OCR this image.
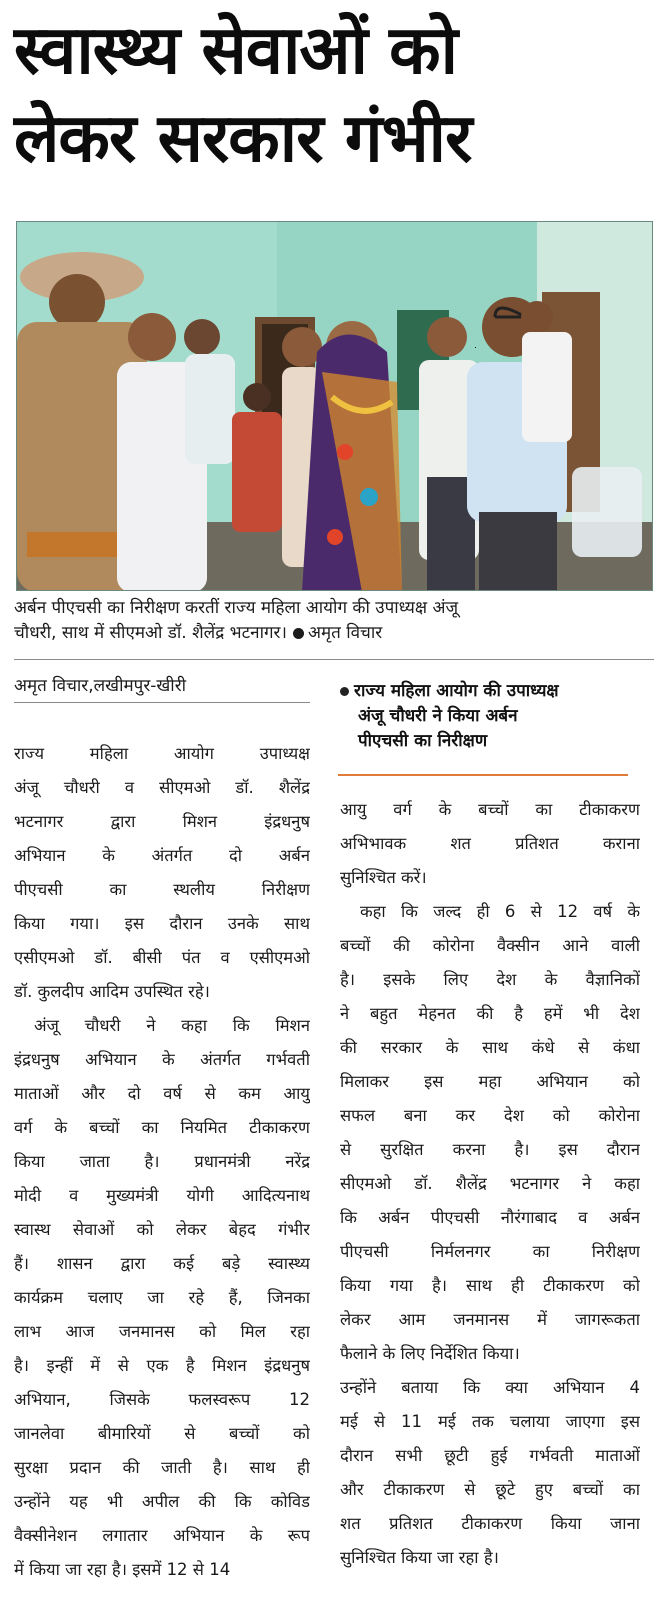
स्वास्थ्य सेवाओं को
लेकर सरकार गंभीर
अर्बन पीएचसी का निरीक्षण करतीं राज्य महिला आयोग की उपाध्यक्ष अंजू
चौधरी, साथ में सीएमओ डॉ. शैलेंद्र भटनागर। अमृत विचार
अमृत विचार,लखीमपुर-खीरी	राज्य महिला आयोग की उपाध्यक्ष
अंजू चौधरी ने किया अर्बन
पीएचसी का निरीक्षण

राज्य महिला आयोग उपाध्यक्ष

अंजू चौधरी व सीएमओ डॉ. शैलेंद्र

भटनागर द्वारा मिशन इंद्रधनुष

अभियान के अंतर्गत दो अर्बन

पीएचसी का स्थलीय निरीक्षण

किया गया। इस दौरान उनके साथ

एसीएमओ डॉ. बीसी पंत व एसीएमओ

डॉ. कुलदीप आदिम उपस्थित रहे।

अंजू चौधरी ने कहा कि मिशन

इंद्रधनुष अभियान के अंतर्गत गर्भवती

माताओं और दो वर्ष से कम आयु

वर्ग के बच्चों का नियमित टीकाकरण

किया जाता है। प्रधानमंत्री नरेंद्र

मोदी व मुख्यमंत्री योगी आदित्यनाथ

स्वास्थ सेवाओं को लेकर बेहद गंभीर

हैं। शासन द्वारा कई बड़े स्वास्थ्य

कार्यक्रम चलाए जा रहे हैं, जिनका

लाभ आज जनमानस को मिल रहा

है। इन्हीं में से एक है मिशन इंद्रधनुष

अभियान, जिसके फलस्वरूप 12

जानलेवा बीमारियों से बच्चों को

सुरक्षा प्रदान की जाती है। साथ ही

उन्होंने यह भी अपील की कि कोविड

वैक्सीनेशन लगातार अभियान के रूप

में किया जा रहा है। इसमें 12 से 14

आयु वर्ग के बच्चों का टीकाकरण

अभिभावक शत प्रतिशत कराना

सुनिश्चित करें।

कहा कि जल्द ही 6 से 12 वर्ष के

बच्चों की कोरोना वैक्सीन आने वाली

है। इसके लिए देश के वैज्ञानिकों

ने बहुत मेहनत की है हमें भी देश

की सरकार के साथ कंधे से कंधा

मिलाकर इस महा अभियान को

सफल बना कर देश को कोरोना

से सुरक्षित करना है। इस दौरान

सीएमओ डॉ. शैलेंद्र भटनागर ने कहा

कि अर्बन पीएचसी नौरंगाबाद व अर्बन

पीएचसी निर्मलनगर का निरीक्षण

किया गया है। साथ ही टीकाकरण को

लेकर आम जनमानस में जागरूकता

फैलाने के लिए निर्देशित किया।

उन्होंने बताया कि क्या अभियान 4

मई से 11 मई तक चलाया जाएगा इस

दौरान सभी छूटी हुई गर्भवती माताओं

और टीकाकरण से छूटे हुए बच्चों का

शत प्रतिशत टीकाकरण किया जाना

सुनिश्चित किया जा रहा है।
